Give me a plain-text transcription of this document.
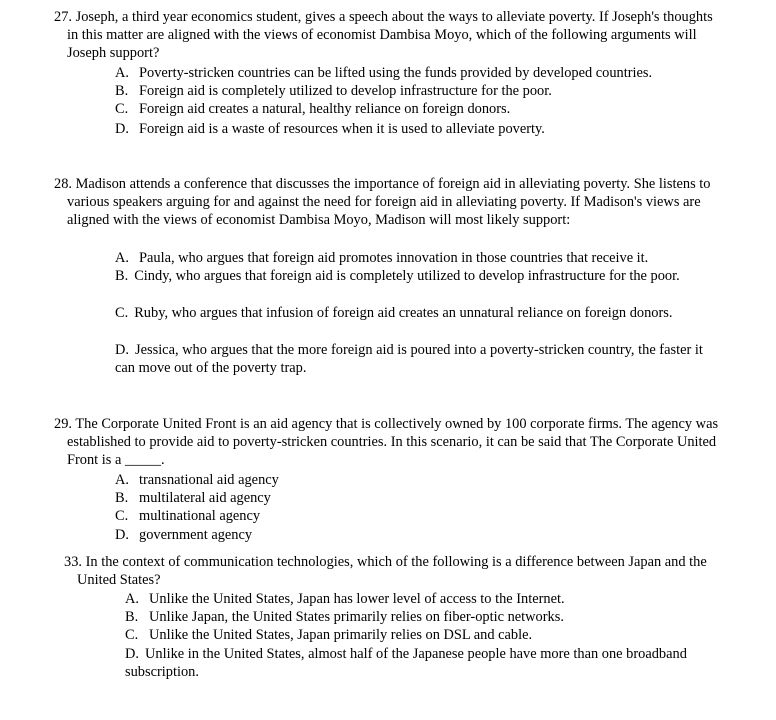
27. Joseph, a third year economics student, gives a speech about the ways to alleviate poverty. If Joseph's thoughts in this matter are aligned with the views of economist Dambisa Moyo, which of the following arguments will Joseph support?
A. Poverty-stricken countries can be lifted using the funds provided by developed countries.
B. Foreign aid is completely utilized to develop infrastructure for the poor.
C. Foreign aid creates a natural, healthy reliance on foreign donors.
D. Foreign aid is a waste of resources when it is used to alleviate poverty.
28. Madison attends a conference that discusses the importance of foreign aid in alleviating poverty. She listens to various speakers arguing for and against the need for foreign aid in alleviating poverty. If Madison's views are aligned with the views of economist Dambisa Moyo, Madison will most likely support:
A. Paula, who argues that foreign aid promotes innovation in those countries that receive it.
B. Cindy, who argues that foreign aid is completely utilized to develop infrastructure for the poor.
C. Ruby, who argues that infusion of foreign aid creates an unnatural reliance on foreign donors.
D. Jessica, who argues that the more foreign aid is poured into a poverty-stricken country, the faster it can move out of the poverty trap.
29. The Corporate United Front is an aid agency that is collectively owned by 100 corporate firms. The agency was established to provide aid to poverty-stricken countries. In this scenario, it can be said that The Corporate United Front is a _____.
A. transnational aid agency
B. multilateral aid agency
C. multinational agency
D. government agency
33. In the context of communication technologies, which of the following is a difference between Japan and the United States?
A. Unlike the United States, Japan has lower level of access to the Internet.
B. Unlike Japan, the United States primarily relies on fiber-optic networks.
C. Unlike the United States, Japan primarily relies on DSL and cable.
D. Unlike in the United States, almost half of the Japanese people have more than one broadband subscription.
